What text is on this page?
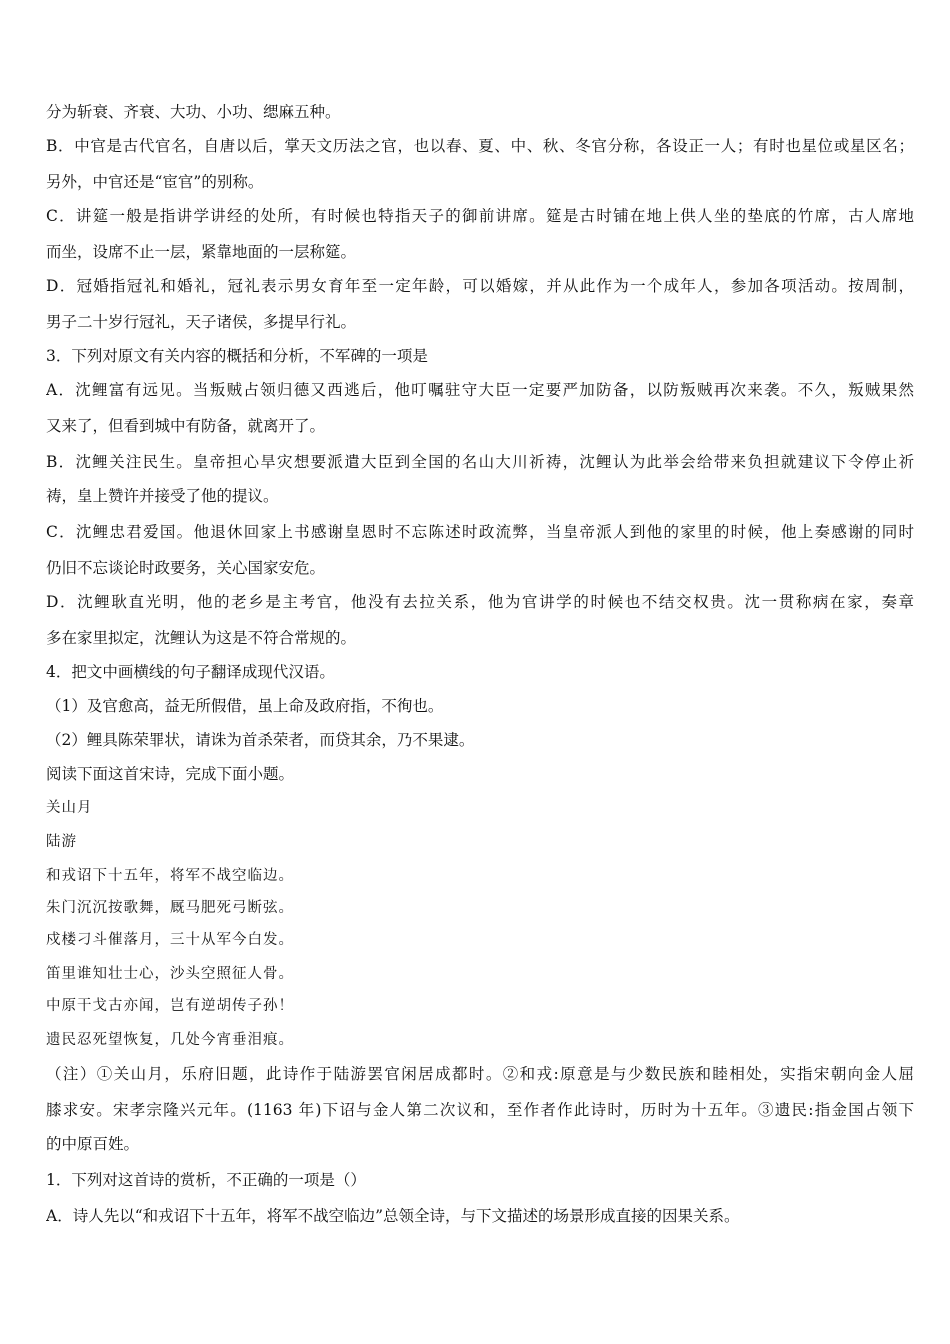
分为斩衰、齐衰、大功、小功、缌麻五种。
B．中官是古代官名，自唐以后，掌天文历法之官，也以春、夏、中、秋、冬官分称，各设正一人；有时也星位或星区名；
另外，中官还是“宦官”的别称。
C．讲筵一般是指讲学讲经的处所，有时候也特指天子的御前讲席。筵是古时铺在地上供人坐的垫底的竹席，古人席地
而坐，设席不止一层，紧靠地面的一层称筵。
D．冠婚指冠礼和婚礼，冠礼表示男女育年至一定年龄，可以婚嫁，并从此作为一个成年人，参加各项活动。按周制，
男子二十岁行冠礼，天子诸侯，多提早行礼。
3．下列对原文有关内容的概括和分析，不军碑的一项是
A．沈鲤富有远见。当叛贼占领归德又西逃后，他叮嘱驻守大臣一定要严加防备，以防叛贼再次来袭。不久，叛贼果然
又来了，但看到城中有防备，就离开了。
B．沈鲤关注民生。皇帝担心旱灾想要派遣大臣到全国的名山大川祈祷，沈鲤认为此举会给带来负担就建议下令停止祈
祷，皇上赞许并接受了他的提议。
C．沈鲤忠君爱国。他退休回家上书感谢皇恩时不忘陈述时政流弊，当皇帝派人到他的家里的时候，他上奏感谢的同时
仍旧不忘谈论时政要务，关心国家安危。
D．沈鲤耿直光明，他的老乡是主考官，他没有去拉关系，他为官讲学的时候也不结交权贵。沈一贯称病在家，奏章
多在家里拟定，沈鲤认为这是不符合常规的。
4．把文中画横线的句子翻译成现代汉语。
（1）及官愈高，益无所假借，虽上命及政府指，不徇也。
（2）鲤具陈荣罪状，请诛为首杀荣者，而贷其余，乃不果逮。
阅读下面这首宋诗，完成下面小题。
关山月
陆游
和戎诏下十五年，将军不战空临边。
朱门沉沉按歌舞，厩马肥死弓断弦。
戍楼刁斗催落月，三十从军今白发。
笛里谁知壮士心，沙头空照征人骨。
中原干戈古亦闻，岂有逆胡传子孙！
遗民忍死望恢复，几处今宵垂泪痕。
（注）①关山月，乐府旧题，此诗作于陆游罢官闲居成都时。②和戎:原意是与少数民族和睦相处，实指宋朝向金人屈
膝求安。宋孝宗隆兴元年。(1163 年)下诏与金人第二次议和，至作者作此诗时，历时为十五年。③遗民:指金国占领下
的中原百姓。
1．下列对这首诗的赏析，不正确的一项是（）
A．诗人先以“和戎诏下十五年，将军不战空临边”总领全诗，与下文描述的场景形成直接的因果关系。
